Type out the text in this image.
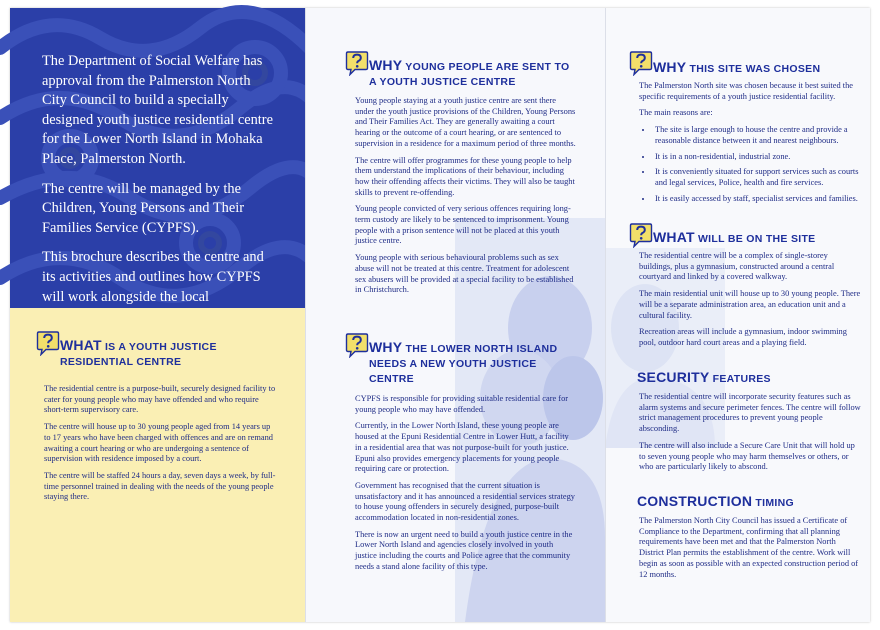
The Department of Social Welfare has approval from the Palmerston North City Council to build a specially designed youth justice residential centre for the Lower North Island in Mohaka Place, Palmerston North.

The centre will be managed by the Children, Young Persons and Their Families Service (CYPFS).

This brochure describes the centre and its activities and outlines how CYPFS will work alongside the local

WHAT IS A YOUTH JUSTICE RESIDENTIAL CENTRE

The residential centre is a purpose-built, securely designed facility to cater for young people who may have offended and who require short-term supervisory care.

The centre will house up to 30 young people aged from 14 years up to 17 years who have been charged with offences and are on remand awaiting a court hearing or who are undergoing a sentence of supervision with residence imposed by a court.

The centre will be staffed 24 hours a day, seven days a week, by full-time personnel trained in dealing with the needs of the young people staying there.

WHY YOUNG PEOPLE ARE SENT TO A YOUTH JUSTICE CENTRE

Young people staying at a youth justice centre are sent there under the youth justice provisions of the Children, Young Persons and Their Families Act. They are generally awaiting a court hearing or the outcome of a court hearing, or are sentenced to supervision in a residence for a maximum period of three months.

The centre will offer programmes for these young people to help them understand the implications of their behaviour, including how their offending affects their victims. They will also be taught skills to prevent re-offending.

Young people convicted of very serious offences requiring long-term custody are likely to be sentenced to imprisonment. Young people with a prison sentence will not be placed at this youth justice centre.

Young people with serious behavioural problems such as sex abuse will not be treated at this centre. Treatment for adolescent sex abusers will be provided at a special facility to be established in Christchurch.

WHY THE LOWER NORTH ISLAND NEEDS A NEW YOUTH JUSTICE CENTRE

CYPFS is responsible for providing suitable residential care for young people who may have offended.

Currently, in the Lower North Island, these young people are housed at the Epuni Residential Centre in Lower Hutt, a facility in a residential area that was not purpose-built for youth justice. Epuni also provides emergency placements for young people requiring care or protection.

Government has recognised that the current situation is unsatisfactory and it has announced a residential services strategy to house young offenders in securely designed, purpose-built accommodation located in non-residential zones.

There is now an urgent need to build a youth justice centre in the Lower North Island and agencies closely involved in youth justice including the courts and Police agree that the community needs a stand alone facility of this type.

WHY THIS SITE WAS CHOSEN

The Palmerston North site was chosen because it best suited the specific requirements of a youth justice residential facility.

The main reasons are:

• The site is large enough to house the centre and provide a reasonable distance between it and nearest neighbours.
• It is in a non-residential, industrial zone.
• It is conveniently situated for support services such as courts and legal services, Police, health and fire services.
• It is easily accessed by staff, specialist services and families.
WHAT WILL BE ON THE SITE

The residential centre will be a complex of single-storey buildings, plus a gymnasium, constructed around a central courtyard and linked by a covered walkway.

The main residential unit will house up to 30 young people. There will be a separate administration area, an education unit and a cultural facility.

Recreation areas will include a gymnasium, indoor swimming pool, outdoor hard court areas and a playing field.

SECURITY FEATURES

The residential centre will incorporate security features such as alarm systems and secure perimeter fences. The centre will follow strict management procedures to prevent young people absconding.

The centre will also include a Secure Care Unit that will hold up to seven young people who may harm themselves or others, or who are particularly likely to abscond.

CONSTRUCTION TIMING

The Palmerston North City Council has issued a Certificate of Compliance to the Department, confirming that all planning requirements have been met and that the Palmerston North District Plan permits the establishment of the centre. Work will begin as soon as possible with an expected construction period of 12 months.
